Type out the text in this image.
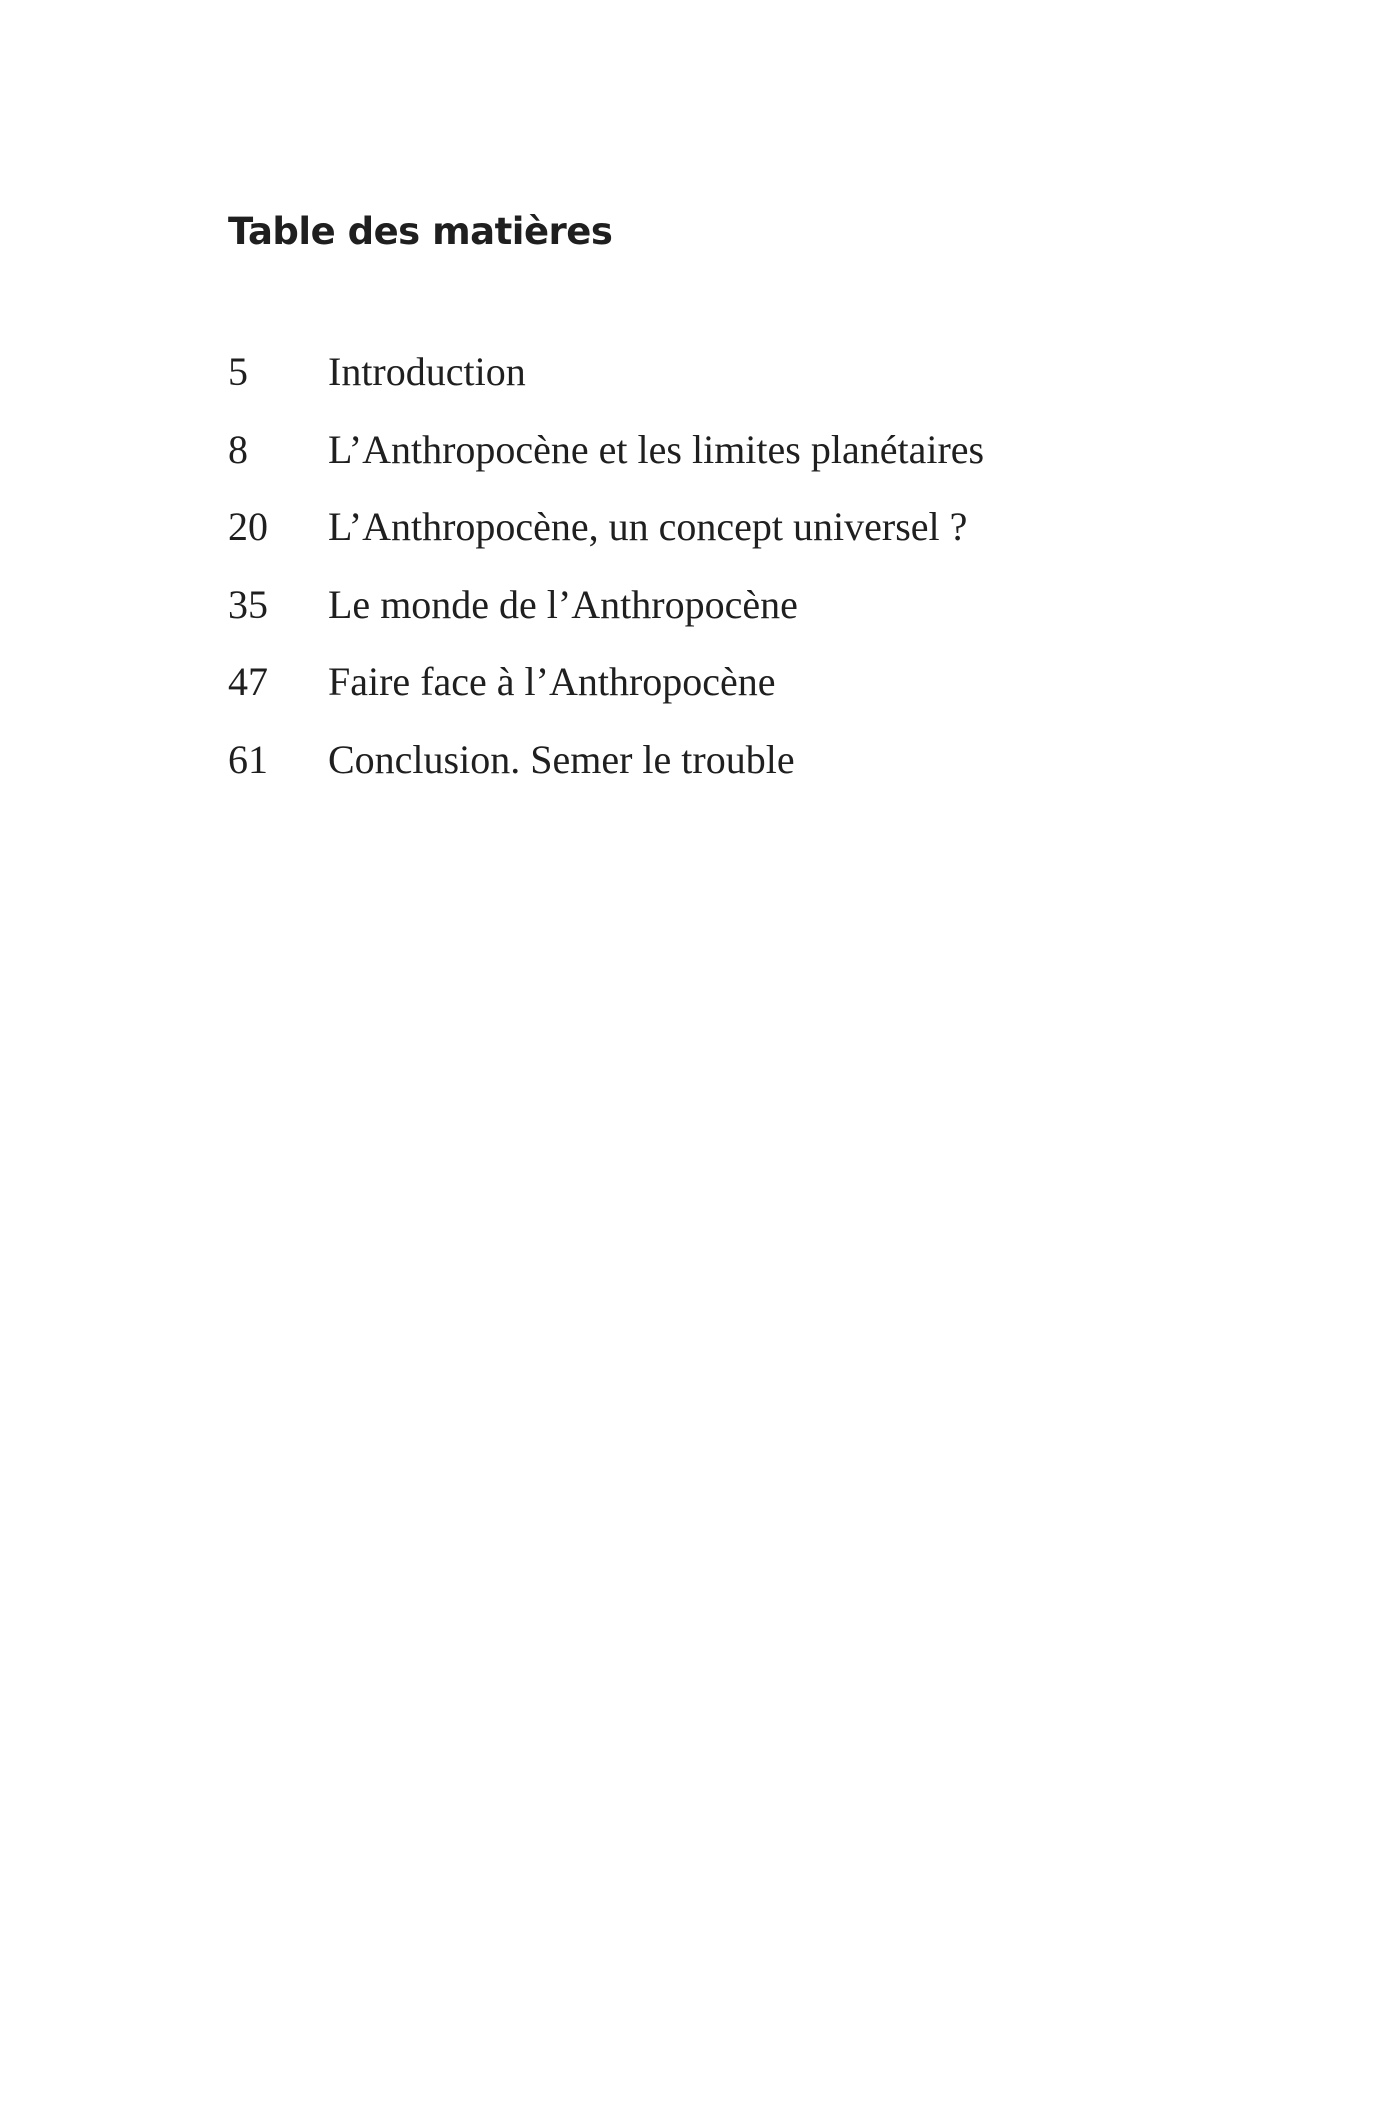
Table des matières
5	Introduction
8	L’Anthropocène et les limites planétaires
20	L’Anthropocène, un concept universel ?
35	Le monde de l’Anthropocène
47	Faire face à l’Anthropocène
61	Conclusion. Semer le trouble
